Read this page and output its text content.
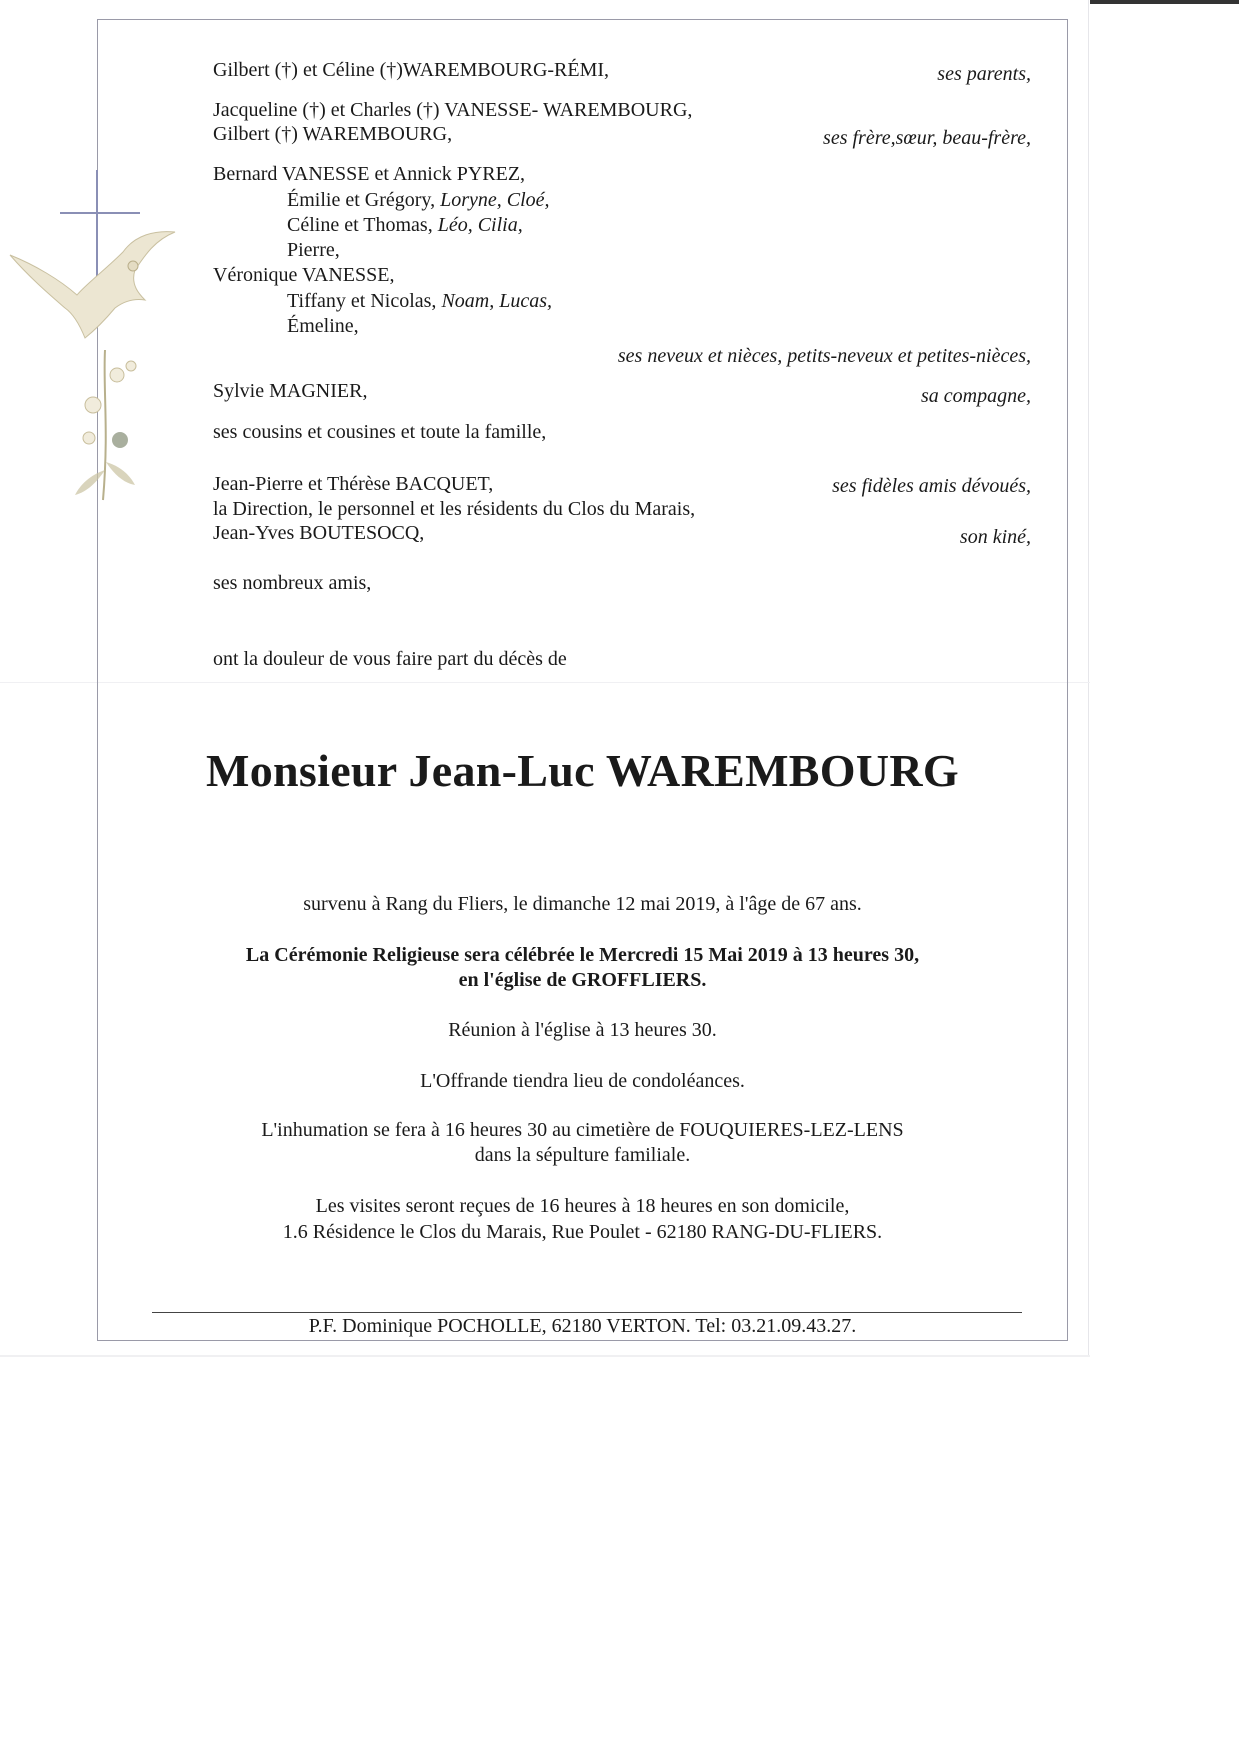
Gilbert (†) et Céline (†)WAREMBOURG-RÉMI,	ses parents,
Jacqueline (†) et Charles (†) VANESSE- WAREMBOURG,
Gilbert (†) WAREMBOURG,	ses frère,sœur, beau-frère,
Bernard VANESSE et Annick PYREZ,
Émilie et Grégory, Loryne, Cloé,
Céline et Thomas, Léo, Cilia,
Pierre,
Véronique VANESSE,
Tiffany et Nicolas, Noam, Lucas,
Émeline,
ses neveux et nièces, petits-neveux et petites-nièces,
Sylvie MAGNIER,	sa compagne,
ses cousins et cousines et toute la famille,
Jean-Pierre et Thérèse BACQUET,	ses fidèles amis dévoués,
la Direction, le personnel et les résidents du Clos du Marais,
Jean-Yves BOUTESOCQ,	son kiné,
ses nombreux amis,
ont la douleur de vous faire part du décès de
Monsieur Jean-Luc WAREMBOURG
survenu à Rang du Fliers, le dimanche 12 mai 2019, à l'âge de 67 ans.
La Cérémonie Religieuse sera célébrée le Mercredi 15 Mai 2019 à 13 heures 30,
en l'église de GROFFLIERS.
Réunion à l'église à 13 heures 30.
L'Offrande tiendra lieu de condoléances.
L'inhumation se fera à 16 heures 30 au cimetière de FOUQUIERES-LEZ-LENS
dans la sépulture familiale.
Les visites seront reçues de 16 heures à 18 heures en son domicile,
1.6 Résidence le Clos du Marais, Rue Poulet - 62180 RANG-DU-FLIERS.
P.F. Dominique POCHOLLE, 62180 VERTON. Tel: 03.21.09.43.27.
